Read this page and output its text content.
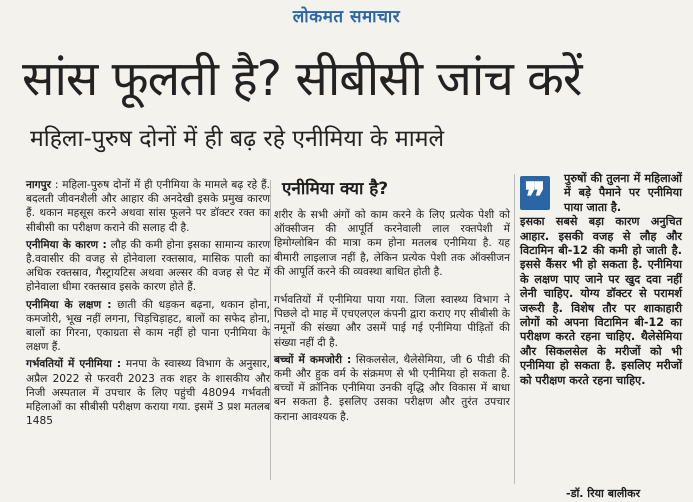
लोकमत समाचार
सांस फूलती है? सीबीसी जांच करें
महिला-पुरुष दोनों में ही बढ़ रहे एनीमिया के मामले

नागपुर : महिला-पुरुष दोनों में ही एनीमिया के मामले बढ़ रहे हैं. बदलती जीवनशैली और आहार की अनदेखी इसके प्रमुख कारण हैं. थकान महसूस करने अथवा सांस फूलने पर डॉक्टर रक्त का सीबीसी का परीक्षण कराने की सलाह दी है.

एनीमिया के कारण : लौह की कमी होना इसका सामान्य कारण है.ववासीर की वजह से होनेवाला रक्तस्राव, मासिक पाली का अधिक रक्तस्राव, गैस्ट्रायटिस अथवा अल्सर की वजह से पेट में होनेवाला धीमा रक्तस्राव इसके कारण होते हैं.

एनीमिया के लक्षण : छाती की धड़कन बढ़ना, थकान होना, कमजोरी, भूख नहीं लगना, चिड़चिड़ाहट, बालों का सफेद होना, बालों का गिरना, एकाग्रता से काम नहीं हो पाना एनीमिया के लक्षण हैं.

गर्भवतियों में एनीमिया : मनपा के स्वास्थ्य विभाग के अनुसार, अप्रैल 2022 से फरवरी 2023 तक शहर के शासकीय और निजी अस्पताल में उपचार के लिए पहुंची 48094 गर्भवती महिलाओं का सीबीसी परीक्षण कराया गया. इसमें 3 प्रश मतलब 1485

एनीमिया क्या है?

शरीर के सभी अंगों को काम करने के लिए प्रत्येक पेशी को ऑक्सीजन की आपूर्ति करनेवाली लाल रक्तपेशी में हिमोग्लोबिन की मात्रा कम होना मतलब एनीमिया है. यह बीमारी लाइलाज नहीं है, लेकिन प्रत्येक पेशी तक ऑक्सीजन की आपूर्ति करने की व्यवस्था बाधित होती है.

गर्भवतियों में एनीमिया पाया गया. जिला स्वास्थ्य विभाग ने पिछले दो माह में एचएलएल कंपनी द्वारा कराए गए सीबीसी के नमूनों की संख्या और उसमें पाई गई एनीमिया पीड़ितों की संख्या नहीं दी है.

बच्चों में कमजोरी : सिकलसेल, थैलेसेमिया, जी 6 पीडी की कमी और हुक वर्म के संक्रमण से भी एनीमिया हो सकता है. बच्चों में क्रॉनिक एनीमिया उनकी वृद्धि और विकास में बाधा बन सकता है. इसलिए उसका परीक्षण और तुरंत उपचार कराना आवश्यक है.

❞	पुरुषों की तुलना में महिलाओं में बड़े पैमाने पर एनीमिया पाया जाता है.
इसका सबसे बड़ा कारण अनुचित आहार. इसकी वजह से लौह और विटामिन बी-12 की कमी हो जाती है. इससे कैंसर भी हो सकता है. एनीमिया के लक्षण पाए जाने पर खुद दवा नहीं लेनी चाहिए. योग्य डॉक्टर से परामर्श जरूरी है. विशेष तौर पर शाकाहारी लोगों को अपना विटामिन बी-12 का परीक्षण करते रहना चाहिए. थैलेसेमिया और सिकलसेल के मरीजों को भी एनीमिया हो सकता है. इसलिए मरीजों को परीक्षण करते रहना चाहिए.
-डॉ. रिया बालीकर
